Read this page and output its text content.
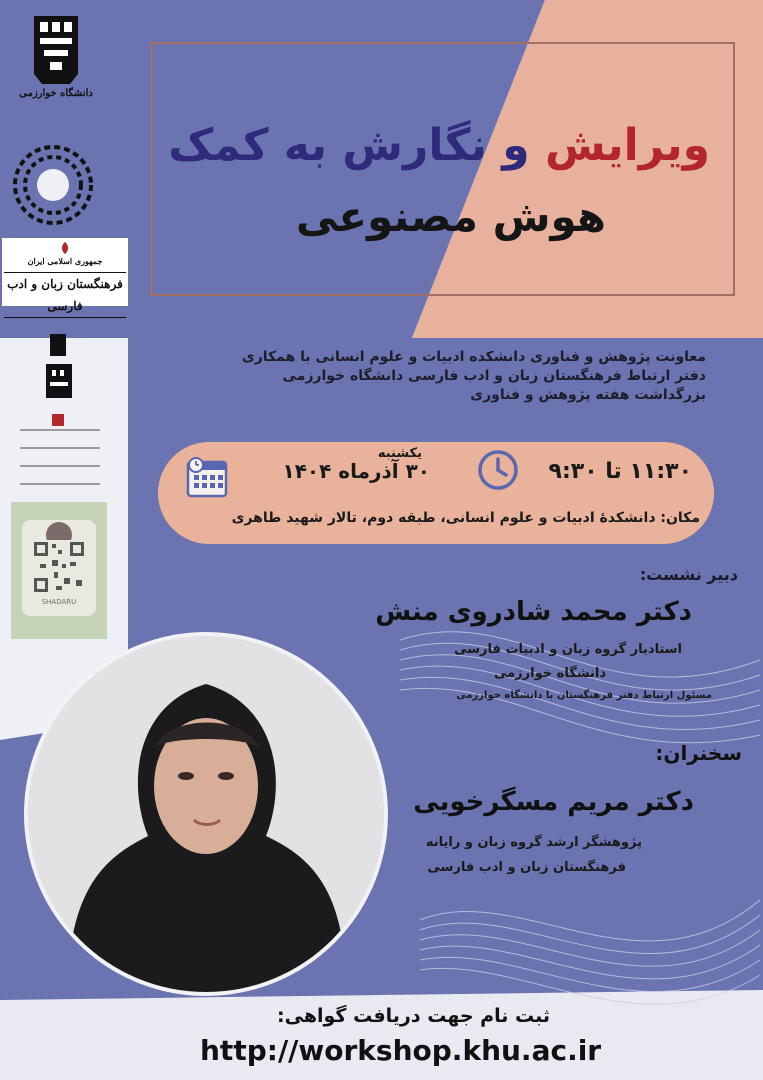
دانشگاه خوارزمی
جمهوری اسلامی ایران
فرهنگستان زبان و ادب فارسی
SHADARU
ویرایش و نگارش به کمک
هوش مصنوعی
معاونت پژوهش و فناوری دانشکده ادبیات و علوم انسانی با همکاری
دفتر ارتباط فرهنگستان زبان و ادب فارسی دانشگاه خوارزمی
بزرگداشت هفته پژوهش و فناوری
یکشنبه
۳۰ آذرماه ۱۴۰۴	۱۱:۳۰ تا ۹:۳۰
مکان: دانشکدهٔ ادبیات و علوم انسانی، طبقه دوم، تالار شهید طاهری
دبیر نشست:
دکتر محمد شادروی منش
استادیار گروه زبان و ادبیات فارسی
دانشگاه خوارزمی
مسئول ارتباط دفتر فرهنگستان با دانشگاه خوارزمی
سخنران:
دکتر مریم مسگرخویی
پژوهشگر ارشد گروه زبان و رایانه
فرهنگستان زبان و ادب فارسی
ثبت نام جهت دریافت گواهی:
http://workshop.khu.ac.ir
